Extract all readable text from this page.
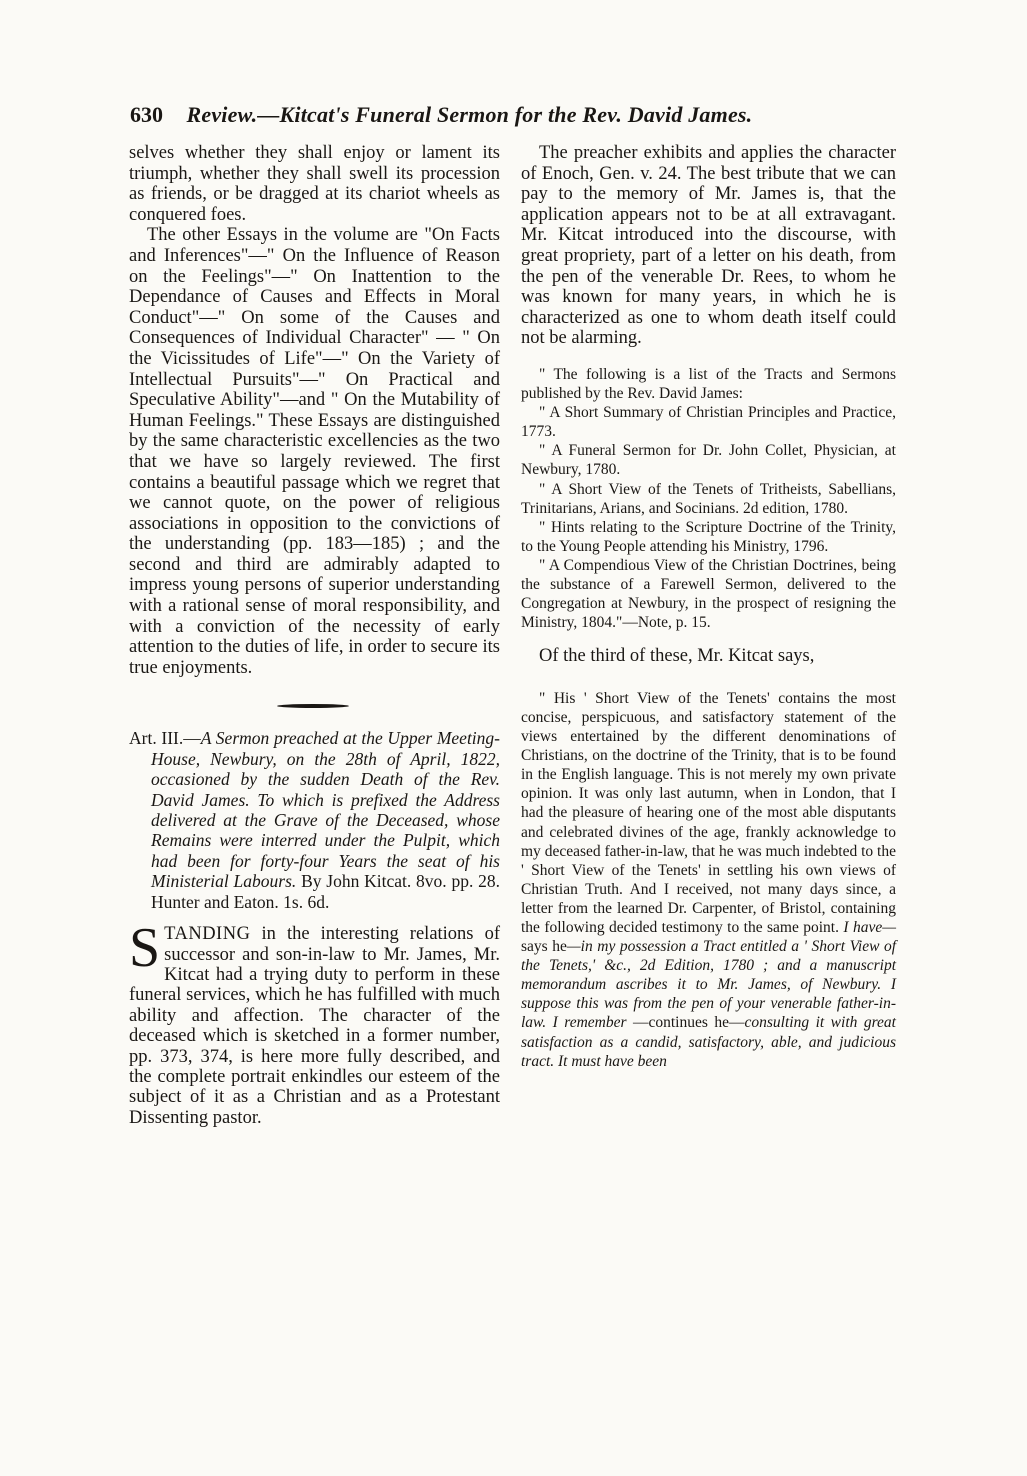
630 Review.—Kitcat's Funeral Sermon for the Rev. David James.

selves whether they shall enjoy or lament its triumph, whether they shall swell its procession as friends, or be dragged at its chariot wheels as conquered foes.

The other Essays in the volume are "On Facts and Inferences"—" On the Influence of Reason on the Feelings"—" On Inattention to the Dependance of Causes and Effects in Moral Conduct"—" On some of the Causes and Consequences of Individual Character" — " On the Vicissitudes of Life"—" On the Variety of Intellectual Pursuits"—" On Practical and Speculative Ability"—and " On the Mutability of Human Feelings." These Essays are distinguished by the same characteristic excellencies as the two that we have so largely reviewed. The first contains a beautiful passage which we regret that we cannot quote, on the power of religious associations in opposition to the convictions of the understanding (pp. 183—185) ; and the second and third are admirably adapted to impress young persons of superior understanding with a rational sense of moral responsibility, and with a conviction of the necessity of early attention to the duties of life, in order to secure its true enjoyments.

Art. III.—A Sermon preached at the Upper Meeting-House, Newbury, on the 28th of April, 1822, occasioned by the sudden Death of the Rev. David James. To which is prefixed the Address delivered at the Grave of the Deceased, whose Remains were interred under the Pulpit, which had been for forty-four Years the seat of his Ministerial Labours. By John Kitcat. 8vo. pp. 28. Hunter and Eaton. 1s. 6d.

STANDING in the interesting relations of successor and son-in-law to Mr. James, Mr. Kitcat had a trying duty to perform in these funeral services, which he has fulfilled with much ability and affection. The character of the deceased which is sketched in a former number, pp. 373, 374, is here more fully described, and the complete portrait enkindles our esteem of the subject of it as a Christian and as a Protestant Dissenting pastor.

The preacher exhibits and applies the character of Enoch, Gen. v. 24. The best tribute that we can pay to the memory of Mr. James is, that the application appears not to be at all extravagant. Mr. Kitcat introduced into the discourse, with great propriety, part of a letter on his death, from the pen of the venerable Dr. Rees, to whom he was known for many years, in which he is characterized as one to whom death itself could not be alarming.

" The following is a list of the Tracts and Sermons published by the Rev. David James:

" A Short Summary of Christian Principles and Practice, 1773.

" A Funeral Sermon for Dr. John Collet, Physician, at Newbury, 1780.

" A Short View of the Tenets of Tritheists, Sabellians, Trinitarians, Arians, and Socinians. 2d edition, 1780.

" Hints relating to the Scripture Doctrine of the Trinity, to the Young People attending his Ministry, 1796.

" A Compendious View of the Christian Doctrines, being the substance of a Farewell Sermon, delivered to the Congregation at Newbury, in the prospect of resigning the Ministry, 1804."—Note, p. 15.

Of the third of these, Mr. Kitcat says,

" His ' Short View of the Tenets' contains the most concise, perspicuous, and satisfactory statement of the views entertained by the different denominations of Christians, on the doctrine of the Trinity, that is to be found in the English language. This is not merely my own private opinion. It was only last autumn, when in London, that I had the pleasure of hearing one of the most able disputants and celebrated divines of the age, frankly acknowledge to my deceased father-in-law, that he was much indebted to the ' Short View of the Tenets' in settling his own views of Christian Truth. And I received, not many days since, a letter from the learned Dr. Carpenter, of Bristol, containing the following decided testimony to the same point. I have— says he—in my possession a Tract entitled a ' Short View of the Tenets,' &c., 2d Edition, 1780 ; and a manuscript memorandum ascribes it to Mr. James, of Newbury. I suppose this was from the pen of your venerable father-in-law. I remember —continues he—consulting it with great satisfaction as a candid, satisfactory, able, and judicious tract. It must have been
